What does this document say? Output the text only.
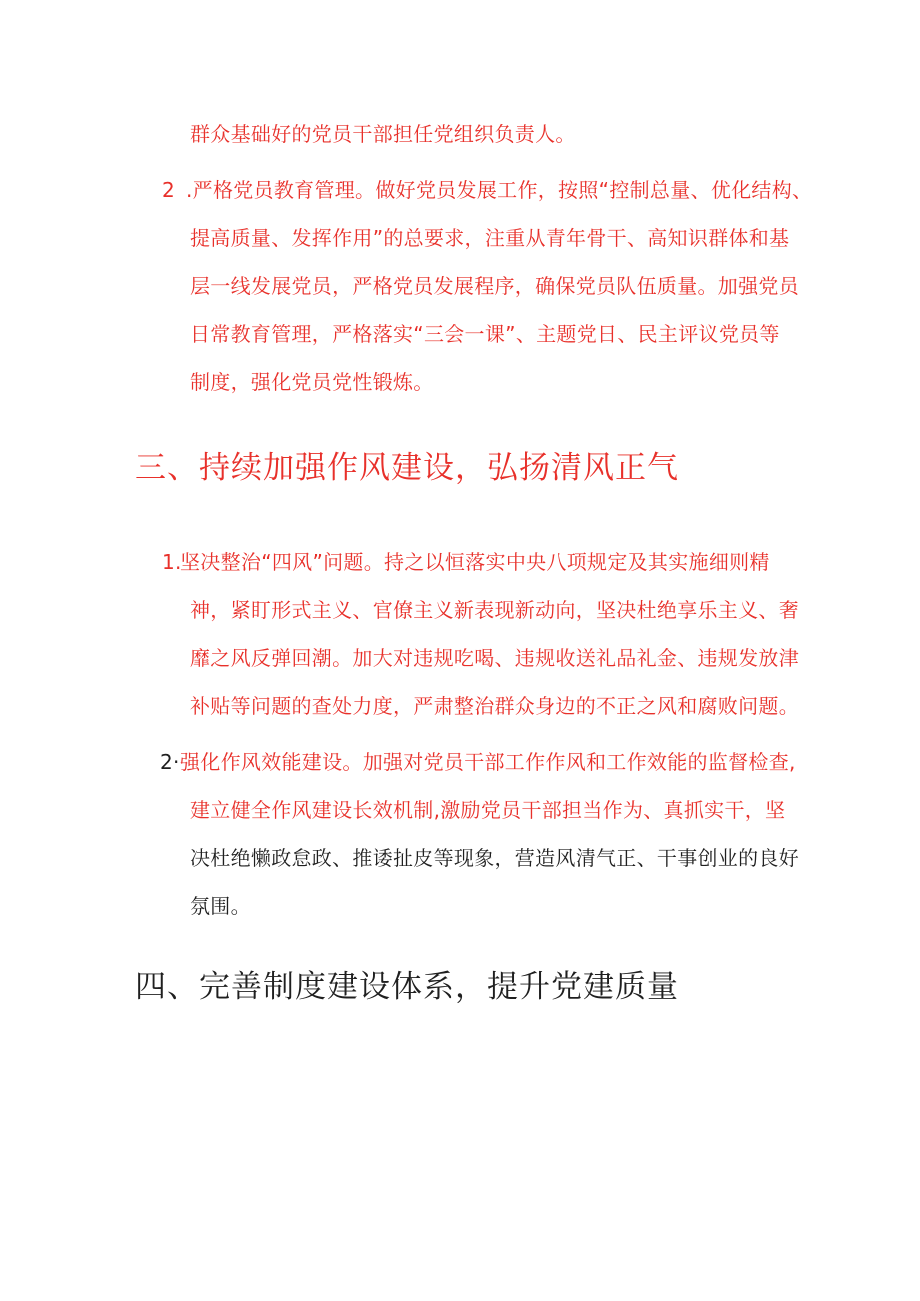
群众基础好的党员干部担任党组织负责人。
2 .严格党员教育管理。做好党员发展工作，按照“控制总量、优化结构、
提高质量、发挥作用”的总要求，注重从青年骨干、高知识群体和基
层一线发展党员，严格党员发展程序，确保党员队伍质量。加强党员
日常教育管理，严格落实“三会一课”、主题党日、民主评议党员等
制度，强化党员党性锻炼。
三、持续加强作风建设，弘扬清风正气
1.
坚决整治“四风”问题。持之以恒落实中央八项规定及其实施细则精
神，紧盯形式主义、官僚主义新表现新动向，坚决杜绝享乐主义、奢
靡之风反弹回潮。加大对违规吃喝、违规收送礼品礼金、违规发放津
补贴等问题的查处力度，严肃整治群众身边的不正之风和腐败问题。
2· 强化作风效能建设。加强对党员干部工作作风和工作效能的监督检查,
建立健全作风建设长效机制,激励党员干部担当作为、真抓实干，坚
决杜绝懒政怠政、推诿扯皮等现象，营造风清气正、干事创业的良好
氛围。
四、完善制度建设体系，提升党建质量
